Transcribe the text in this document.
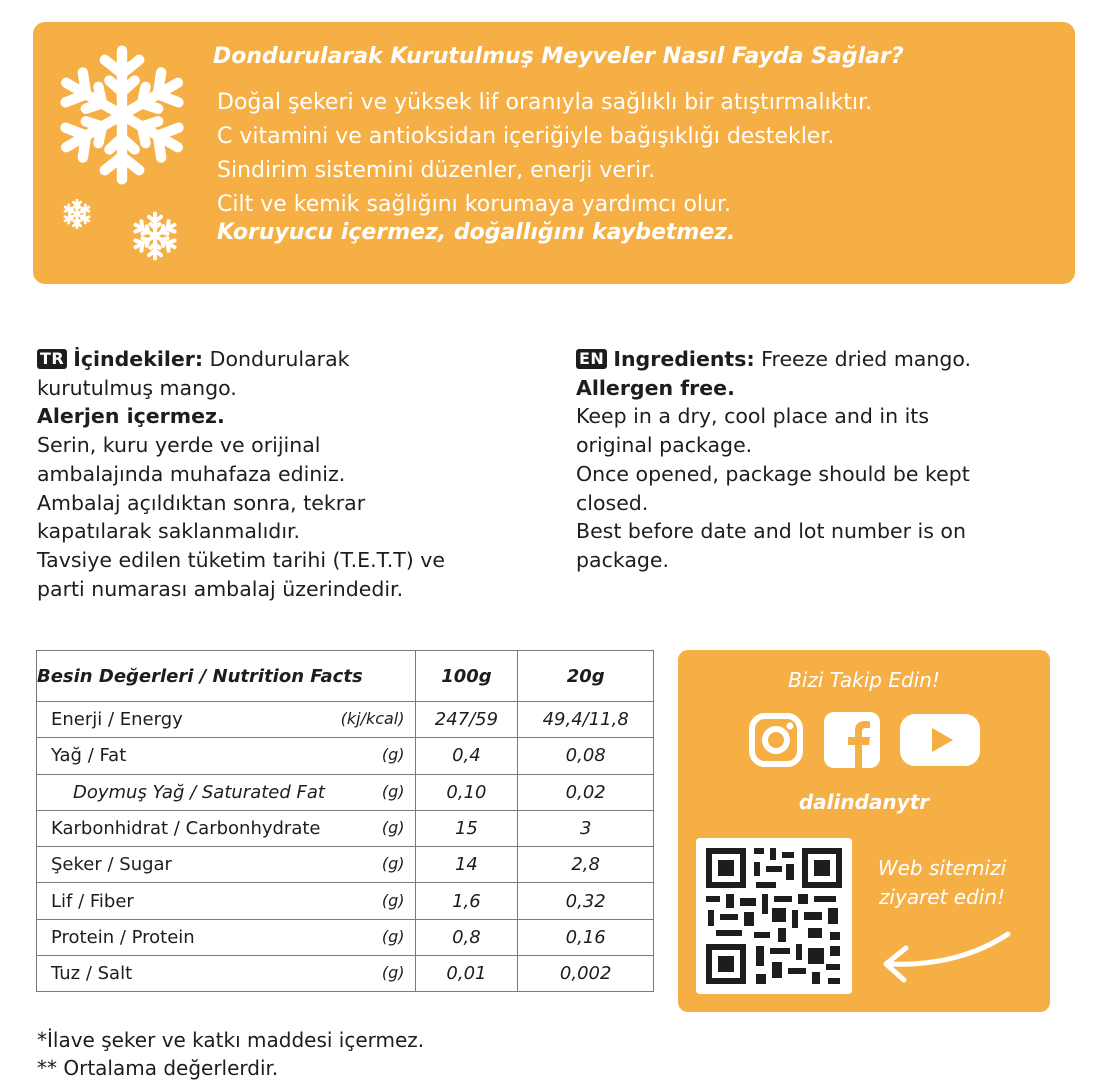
Dondurularak Kurutulmuş Meyveler Nasıl Fayda Sağlar?
Doğal şekeri ve yüksek lif oranıyla sağlıklı bir atıştırmalıktır.
C vitamini ve antioksidan içeriğiyle bağışıklığı destekler.
Sindirim sistemini düzenler, enerji verir.
Cilt ve kemik sağlığını korumaya yardımcı olur.

Koruyucu içermez, doğallığını kaybetmez.

TR İçindekiler: Dondurularak

kurutulmuş mango.

Alerjen içermez.

Serin, kuru yerde ve orijinal

ambalajında muhafaza ediniz.

Ambalaj açıldıktan sonra, tekrar

kapatılarak saklanmalıdır.

Tavsiye edilen tüketim tarihi (T.E.T.T) ve

parti numarası ambalaj üzerindedir.

EN Ingredients: Freeze dried mango.

Allergen free.

Keep in a dry, cool place and in its

original package.

Once opened, package should be kept

closed.

Best before date and lot number is on

package.

Besin Değerleri / Nutrition Facts	100g	20g

Enerji / Energy (kj/kcal)	247/59	49,4/11,8

Yağ / Fat (g)	0,4	0,08

Doymuş Yağ / Saturated Fat (g)	0,10	0,02

Karbonhidrat / Carbonhydrate (g)	15	3

Şeker / Sugar (g)	14	2,8

Lif / Fiber (g)	1,6	0,32

Protein / Protein (g)	0,8	0,16

Tuz / Salt (g)	0,01	0,002
Bizi Takip Edin!
dalindanytr
Web sitemizi
ziyaret edin!

*İlave şeker ve katkı maddesi içermez.

** Ortalama değerlerdir.
